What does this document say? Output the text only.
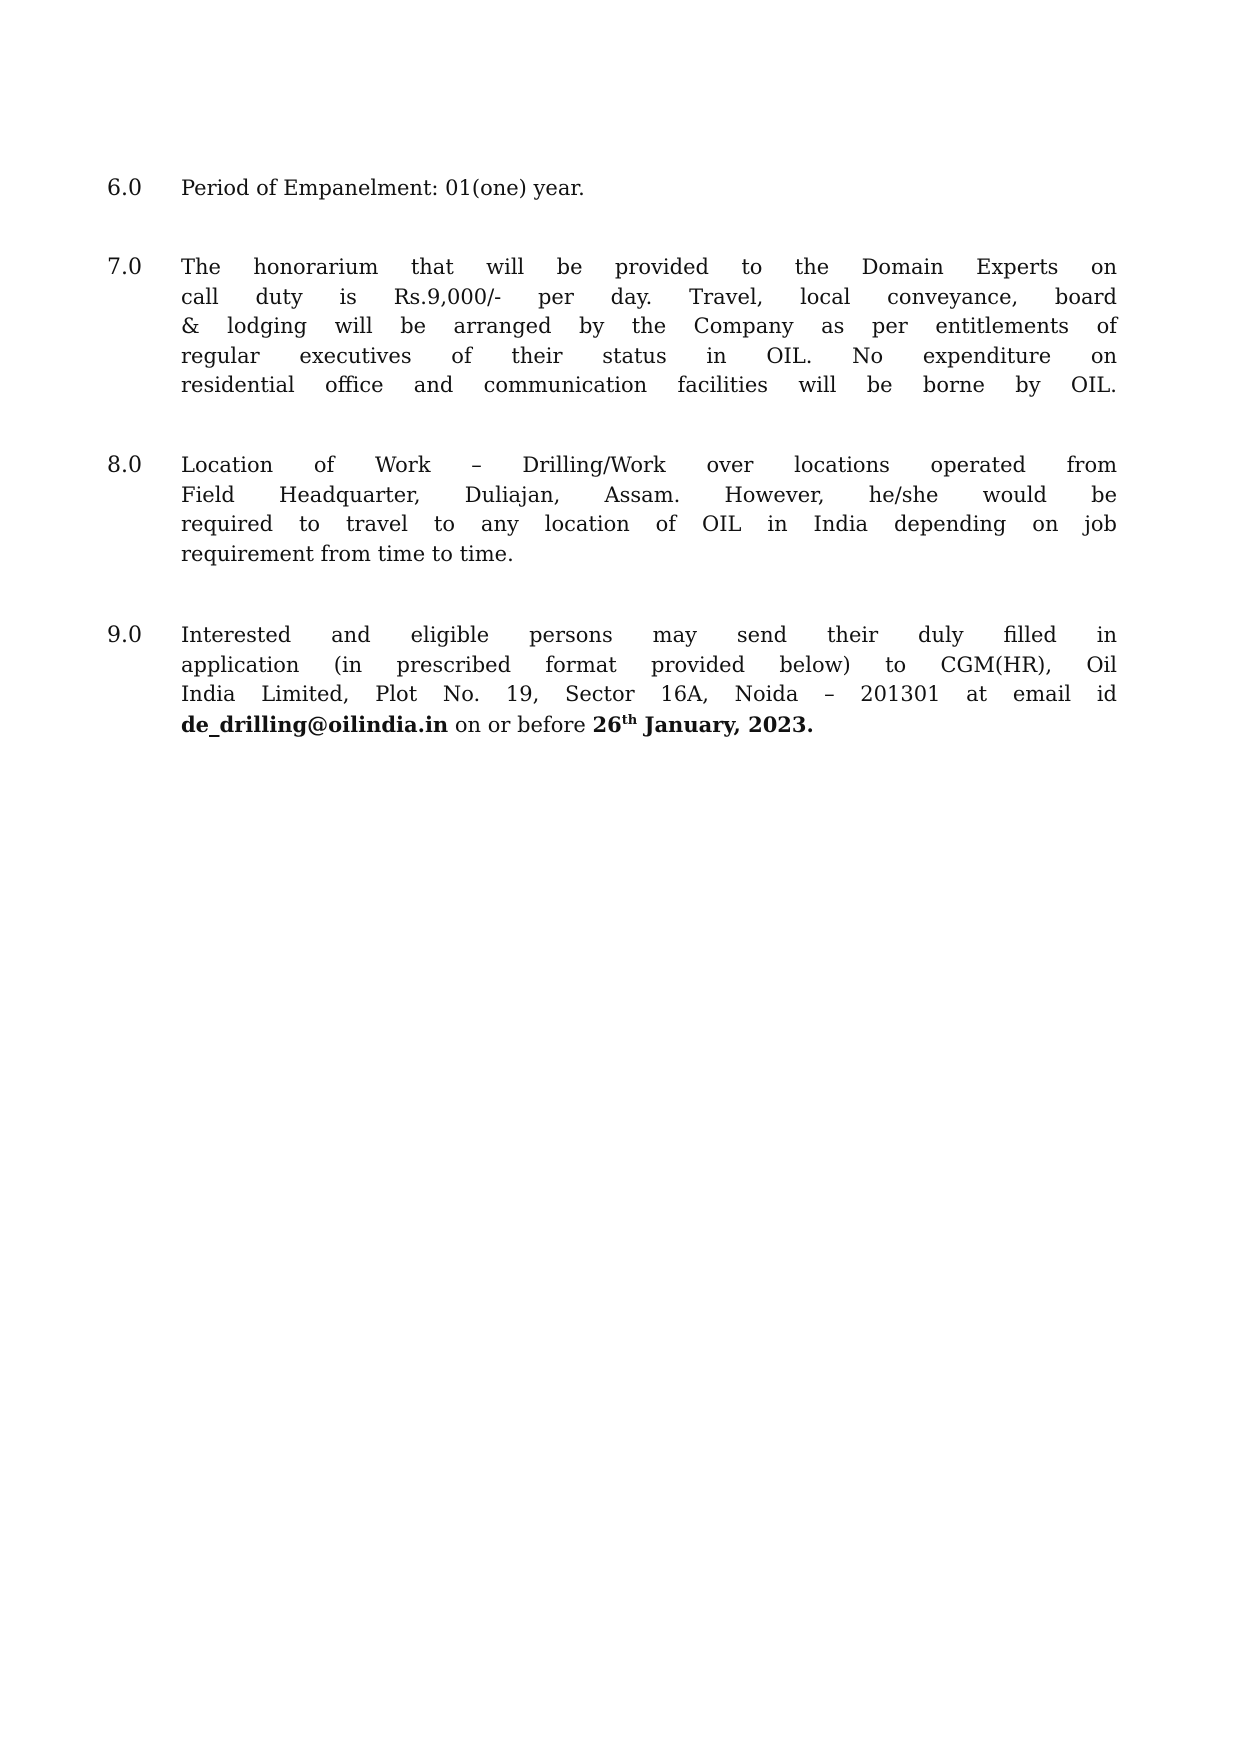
6.0 Period of Empanelment: 01(one) year.
7.0 The honorarium that will be provided to the Domain Experts on
call duty is Rs.9,000/- per day. Travel, local conveyance, board
& lodging will be arranged by the Company as per entitlements of
regular executives of their status in OIL. No expenditure on
residential office and communication facilities will be borne by OIL.
8.0 Location of Work – Drilling/Work over locations operated from
Field Headquarter, Duliajan, Assam. However, he/she would be
required to travel to any location of OIL in India depending on job
requirement from time to time.
9.0 Interested and eligible persons may send their duly filled in
application (in prescribed format provided below) to CGM(HR), Oil
India Limited, Plot No. 19, Sector 16A, Noida – 201301 at email id
de_drilling@oilindia.in on or before 26th January, 2023.
